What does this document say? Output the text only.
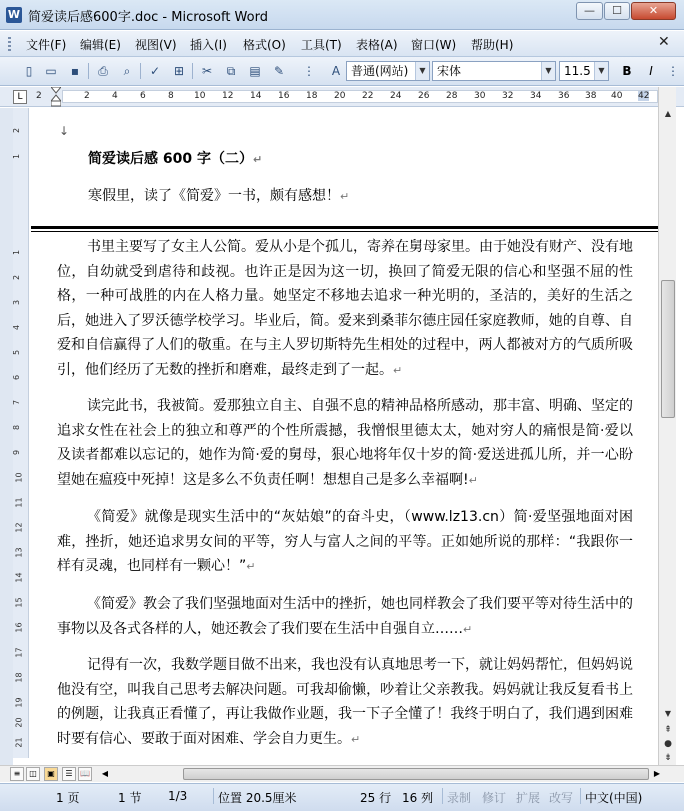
W 简爱读后感600字.doc - Microsoft Word	—	☐	✕
文件(F) 编辑(E) 视图(V) 插入(I) 格式(O) 工具(T) 表格(A) 窗口(W) 帮助(H)	✕
▯	▭	▪	⎙	⌕	✓	⊞	✂	⧉	▤	✎	⋮	A 普通(网站)	▼ 宋体	▼	11.5 ▼	B	I	⋮
L	2	2 4 6 8 10 12 14 16 18 20 22 24 26 28 30 32 34 36 38 40 42
2
1
1
2
3
4
5
6
7
8
9
10
11
12
13
14
15
16
17
18
19
20
21
↓
简爱读后感 600 字（二）↵
寒假里，读了《简爱》一书，颇有感想！↵
书里主要写了女主人公简。爱从小是个孤儿，寄养在舅母家里。由于她没有财产、没有地位，自幼就受到虐待和歧视。也许正是因为这一切，换回了简爱无限的信心和坚强不屈的性格，一种可战胜的内在人格力量。她坚定不移地去追求一种光明的，圣洁的，美好的生活之后，她进入了罗沃德学校学习。毕业后，简。爱来到桑菲尔德庄园任家庭教师，她的自尊、自爱和自信赢得了人们的敬重。在与主人罗切斯特先生相处的过程中，两人都被对方的气质所吸引，他们经历了无数的挫折和磨难，最终走到了一起。↵
读完此书，我被简。爱那独立自主、自强不息的精神品格所感动，那丰富、明确、坚定的追求女性在社会上的独立和尊严的个性所震撼，我憎恨里德太太，她对穷人的痛恨是简·爱以及读者都难以忘记的，她作为简·爱的舅母，狠心地将年仅十岁的简·爱送进孤儿所，并一心盼望她在瘟疫中死掉！这是多么不负责任啊！想想自己是多么幸福啊!↵
《简爱》就像是现实生活中的“灰姑娘”的奋斗史，（www.lz13.cn）简·爱坚强地面对困难，挫折，她还追求男女间的平等，穷人与富人之间的平等。正如她所说的那样：“我跟你一样有灵魂，也同样有一颗心！”↵
《简爱》教会了我们坚强地面对生活中的挫折，她也同样教会了我们要平等对待生活中的事物以及各式各样的人，她还教会了我们要在生活中自强自立……↵
记得有一次，我数学题目做不出来，我也没有认真地思考一下，就让妈妈帮忙，但妈妈说他没有空，叫我自己思考去解决问题。可我却偷懒，吵着让父亲教我。妈妈就让我反复看书上的例题，让我真正看懂了，再让我做作业题，我一下子全懂了！我终于明白了，我们遇到困难时要有信心、要敢于面对困难、学会自力更生。↵
▲
▼
⇞
●
⇟
≡	◫	▣	☰ 📖	◀	▶
1 页	1 节 1/3	位置 20.5厘米	25 行 16 列 录制 修订 扩展 改写 中文(中国)
